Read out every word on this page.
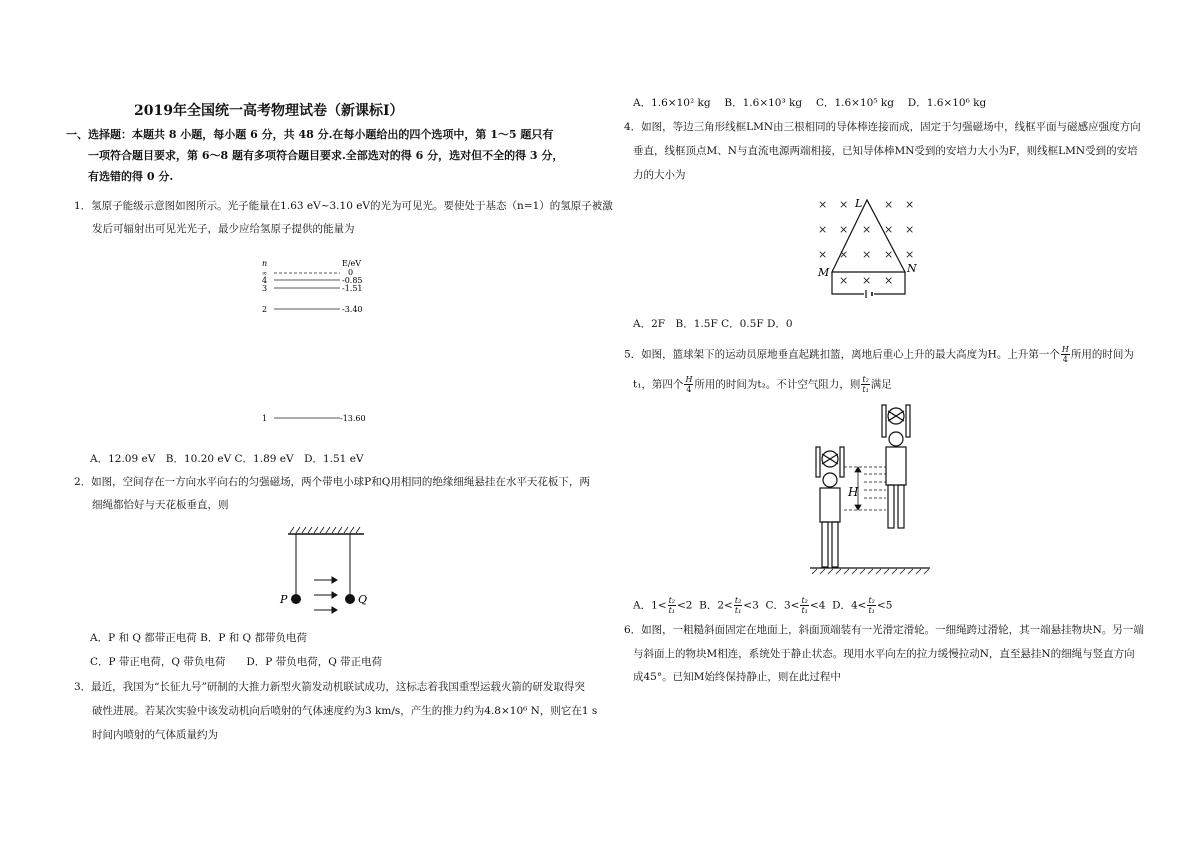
2019年全国统一高考物理试卷（新课标Ⅰ）
一、选择题：本题共 8 小题，每小题 6 分，共 48 分.在每小题给出的四个选项中，第 1～5 题只有
一项符合题目要求，第 6～8 题有多项符合题目要求.全部选对的得 6 分，选对但不全的得 3 分，
有选错的得 0 分.
1．氢原子能级示意图如图所示。光子能量在1.63 eV~3.10 eV的光为可见光。要使处于基态（n=1）的氢原子被激
发后可辐射出可见光光子，最少应给氢原子提供的能量为
n	E/eV
∞	0
4	-0.85
3	-1.51
2	-3.40
1	-13.60
A．12.09 eV　B．10.20 eV C．1.89 eV　D．1.51 eV
2．如图，空间存在一方向水平向右的匀强磁场，两个带电小球P和Q用相同的绝缘细绳悬挂在水平天花板下，两
细绳都恰好与天花板垂直，则
P	Q
A．P 和 Q 都带正电荷 B．P 和 Q 都带负电荷
C．P 带正电荷，Q 带负电荷　　D．P 带负电荷，Q 带正电荷
3．最近，我国为“长征九号”研制的大推力新型火箭发动机联试成功，这标志着我国重型运载火箭的研发取得突
破性进展。若某次实验中该发动机向后喷射的气体速度约为3 km/s，产生的推力约为4.8×10⁶ N，则它在1 s
时间内喷射的气体质量约为
A．1.6×10² kg　 B．1.6×10³ kg　 C．1.6×10⁵ kg　 D．1.6×10⁶ kg
4．如图，等边三角形线框LMN由三根相同的导体棒连接而成，固定于匀强磁场中，线框平面与磁感应强度方向
垂直，线框顶点M、N与直流电源两端相接，已知导体棒MN受到的安培力大小为F，则线框LMN受到的安培
力的大小为
× ×	× ×
× × × × ×
× × × × ×
× × ×
L
M	N
A．2F　B．1.5F C．0.5F D．0
5．如图，篮球架下的运动员原地垂直起跳扣篮，离地后重心上升的最大高度为H。上升第一个 $\frac{H}{4}$ 所用的时间为
t₁，第四个 $\frac{H}{4}$ 所用的时间为t₂。不计空气阻力，则 $\frac{\text{t₂}}{\text{t₁}}$ 满足
H
A．$1< \frac{\text{t₂}}{\text{t₁}} <2$ B．$2< \frac{\text{t₂}}{\text{t₁}} <3$ C．$3< \frac{\text{t₂}}{\text{t₁}} <4$ D．$4< \frac{\text{t₂}}{\text{t₁}} <5$
6．如图，一粗糙斜面固定在地面上，斜面顶端装有一光滑定滑轮。一细绳跨过滑轮，其一端悬挂物块N。另一端
与斜面上的物块M相连，系统处于静止状态。现用水平向左的拉力缓慢拉动N，直至悬挂N的细绳与竖直方向
成45°。已知M始终保持静止，则在此过程中
